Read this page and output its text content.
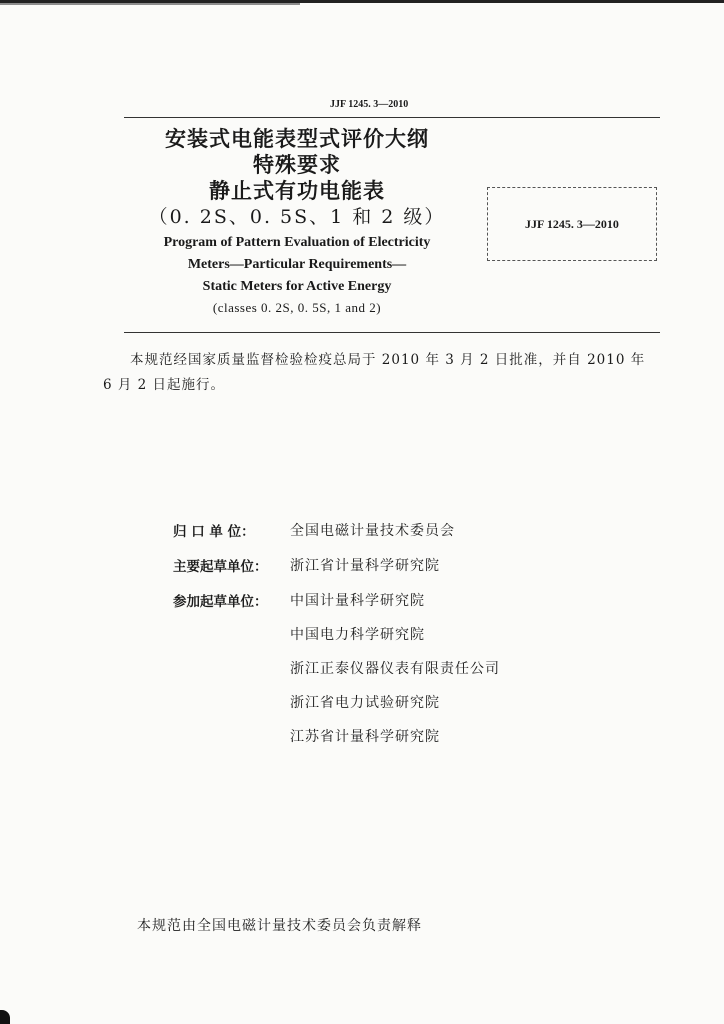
JJF 1245. 3—2010
安装式电能表型式评价大纲
特殊要求
静止式有功电能表
（0. 2S、0. 5S、1 和 2 级）
Program of Pattern Evaluation of Electricity
Meters—Particular Requirements—
Static Meters for Active Energy
(classes 0. 2S, 0. 5S, 1 and 2)
JJF 1245. 3—2010
本规范经国家质量监督检验检疫总局于 2010 年 3 月 2 日批准，并自 2010 年 6 月 2 日起施行。
归 口 单 位：	全国电磁计量技术委员会
主要起草单位：	浙江省计量科学研究院
参加起草单位：	中国计量科学研究院
中国电力科学研究院
浙江正泰仪器仪表有限责任公司
浙江省电力试验研究院
江苏省计量科学研究院
本规范由全国电磁计量技术委员会负责解释
